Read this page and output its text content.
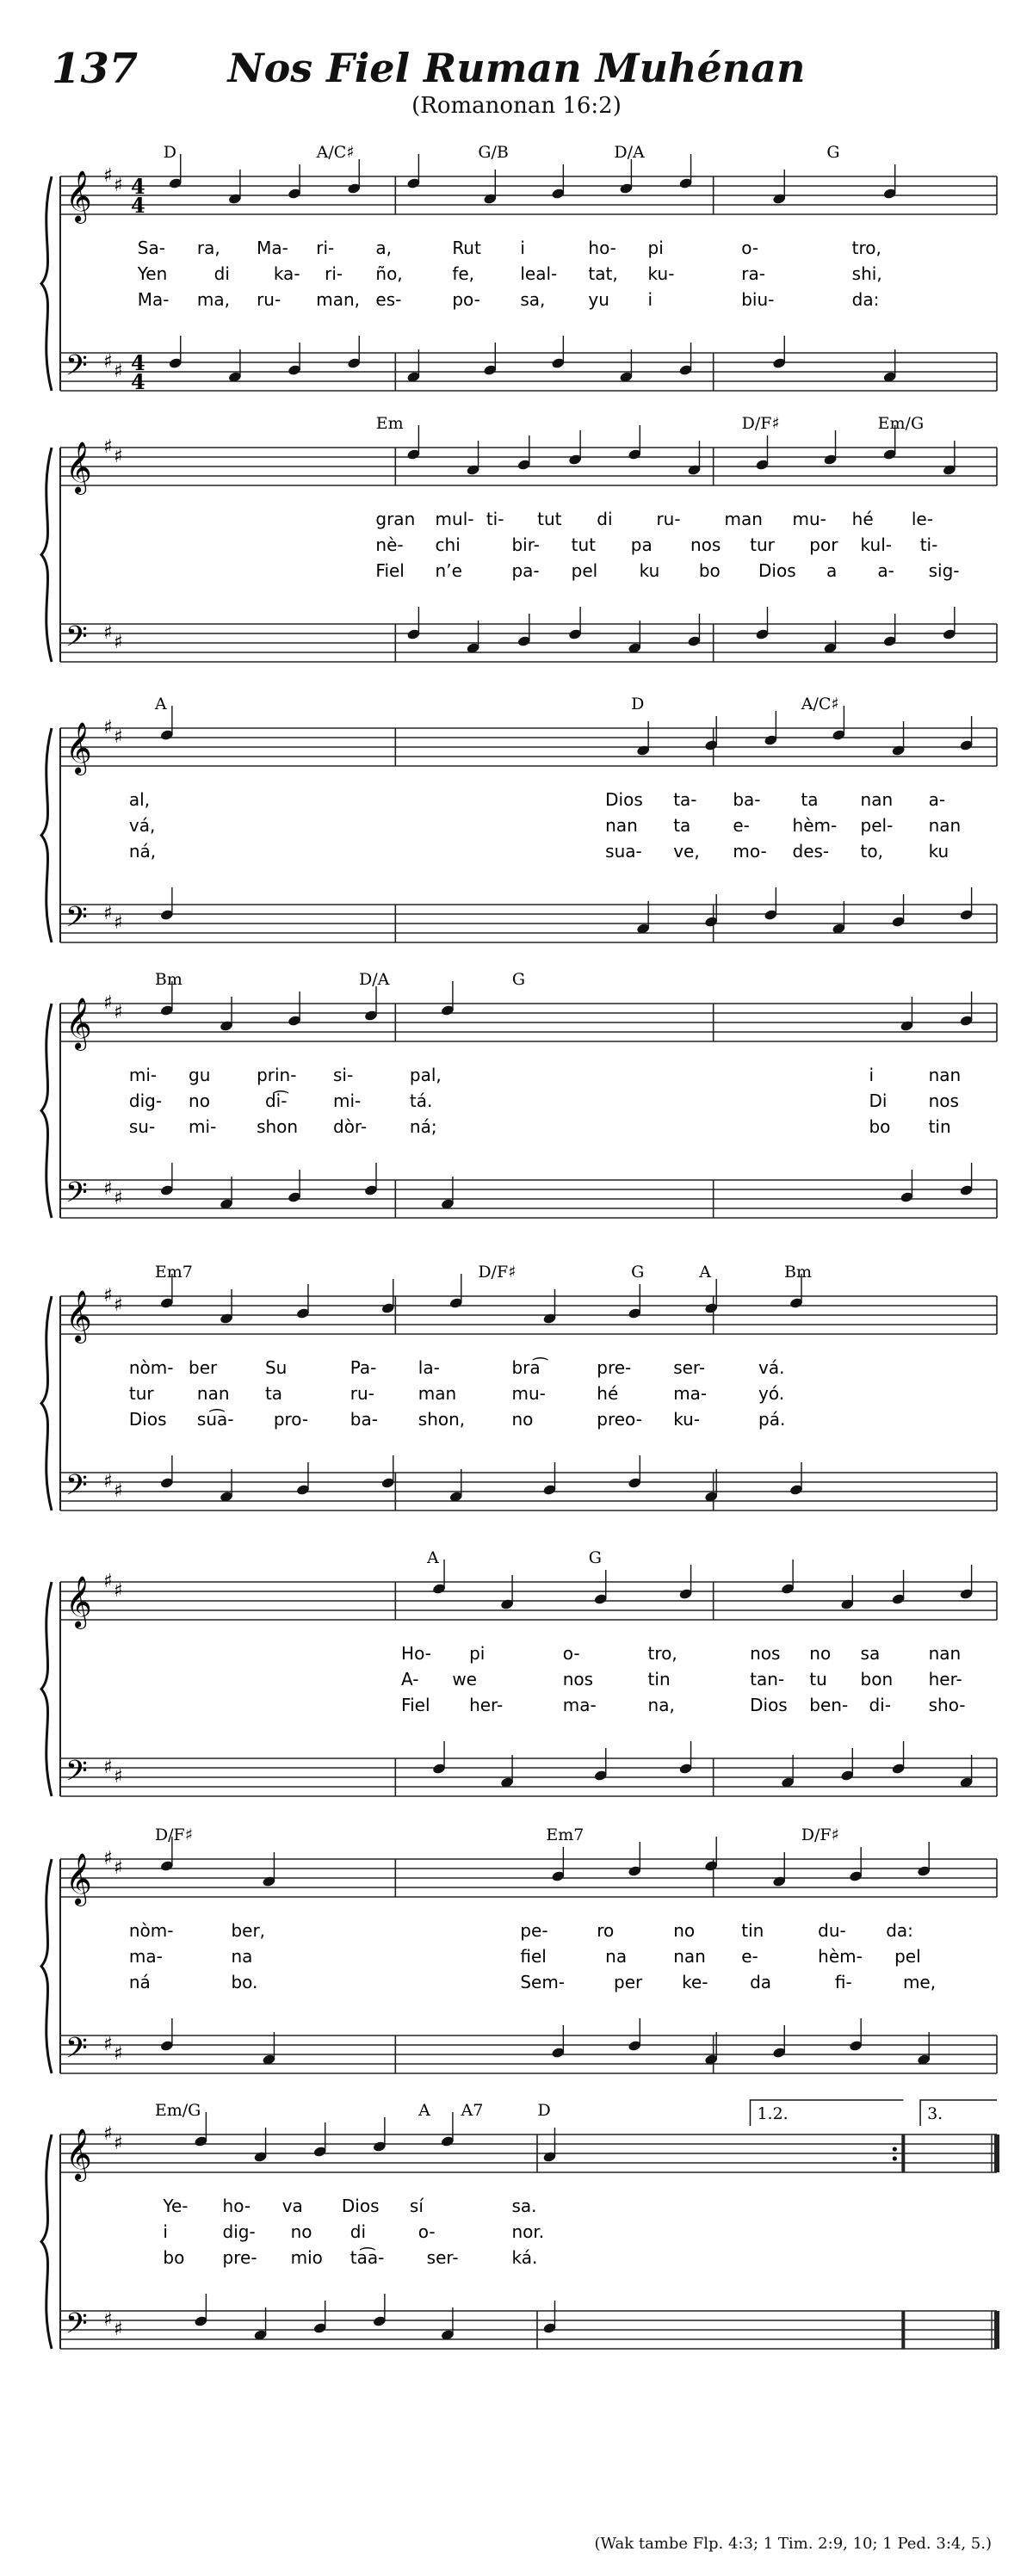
137	Nos Fiel Ruman Muhénan
(Romanonan 16:2)
𝄞
𝄢
♯
♯
♯
♯
4
4
4
4
D	A/C♯	G/B	D/A	G
Sa- ra, Ma- ri- a,	Rut i	ho- pi	o-	tro,
Yen	di	ka- ri- ño,	fe,	leal- tat, ku-	ra-	shi,
Ma- ma, ru- man, es-	po- sa, yu i	biu-	da:
𝄞
𝄢
♯
♯
♯
♯
Em	D/F♯	Em/G
gran mul- ti- tut di	ru-	man mu- hé le-
nè- chi	bir- tut pa nos tur por kul- ti-
Fiel n’e	pa- pel ku bo Dios a a- sig-
𝄞
𝄢
♯
♯
♯
♯
A	D	A/C♯
al,	Dios ta- ba- ta nan a-
vá,	nan ta e- hèm- pel- nan
ná,	sua- ve, mo- des- to,	ku
𝄞
𝄢
♯
♯
♯
♯
Bm	D/A	G
mi- gu	prin- si-	pal,	i	nan
dig- no	di͡-	mi-	tá.	Di nos
su- mi- shon dòr- ná;	bo tin
𝄞
𝄢
♯
♯
♯
♯
Em7	D/F♯	G	A	Bm
nòm- ber	Su	Pa- la-	bra͡	pre- ser-	vá.
tur	nan ta	ru-	man	mu-	hé	ma-	yó.
Dios su͡a- pro- ba- shon,	no	preo- ku-	pá.
𝄞
𝄢
♯
♯
♯
♯
A	G
Ho- pi	o-	tro,	nos no sa	nan
A- we	nos	tin	tan- tu bon her-
Fiel her-	ma-	na,	Dios ben- di- sho-
𝄞
𝄢
♯
♯
♯
♯
D/F♯	Em7	D/F♯
nòm-	ber,	pe-	ro	no	tin	du- da:
ma-	na	fiel	na	nan e-	hèm- pel
ná	bo.	Sem-	per ke- da	fi-	me,
𝄞
𝄢
♯
♯
♯
♯
1.2.	3.
Em/G	A A7	D
Ye- ho- va Dios sí	sa.
i	dig- no di	o-	nor.
bo pre- mio ta͡a- ser-	ká.
(Wak tambe Flp. 4:3; 1 Tim. 2:9, 10; 1 Ped. 3:4, 5.)
